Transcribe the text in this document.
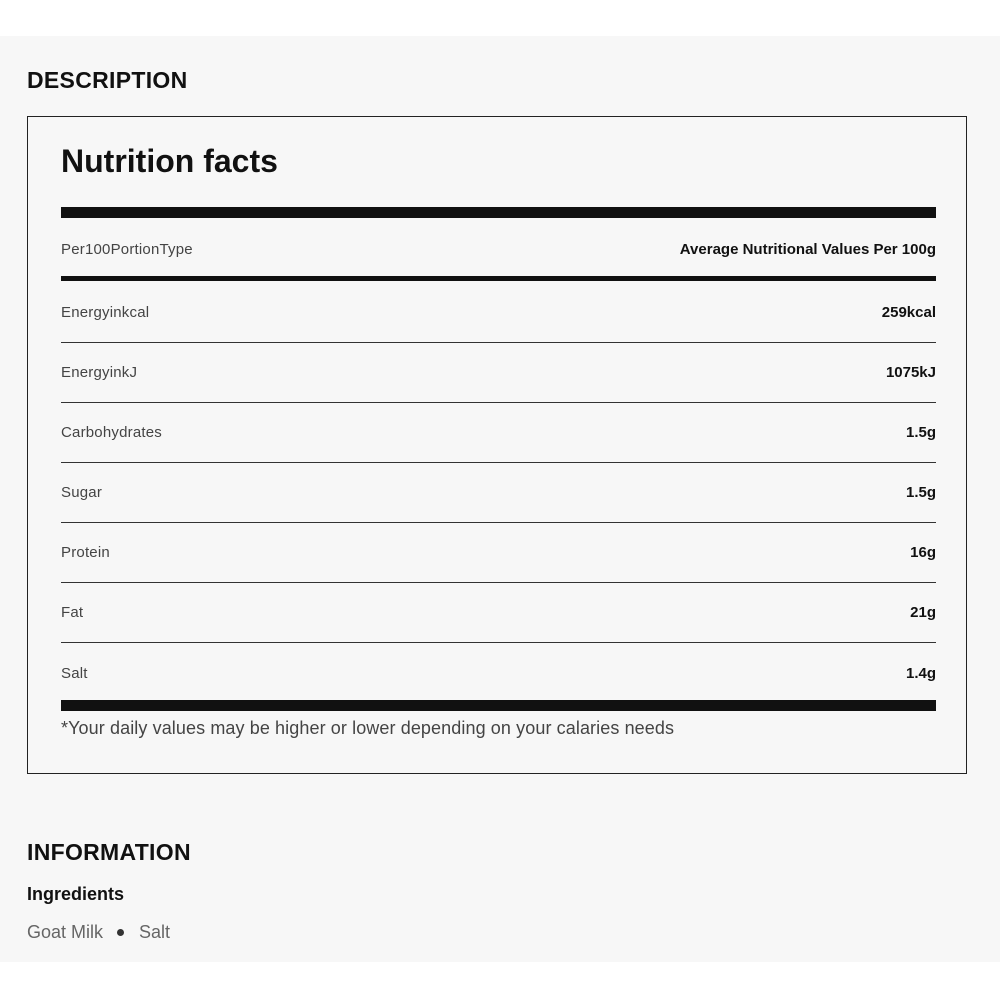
DESCRIPTION
Nutrition facts
Per100PortionType	Average Nutritional Values Per 100g
Energyinkcal	259kcal
EnergyinkJ	1075kJ
Carbohydrates	1.5g
Sugar	1.5g
Protein	16g
Fat	21g
Salt	1.4g
*Your daily values may be higher or lower depending on your calaries needs
INFORMATION
Ingredients
Goat Milk Salt
